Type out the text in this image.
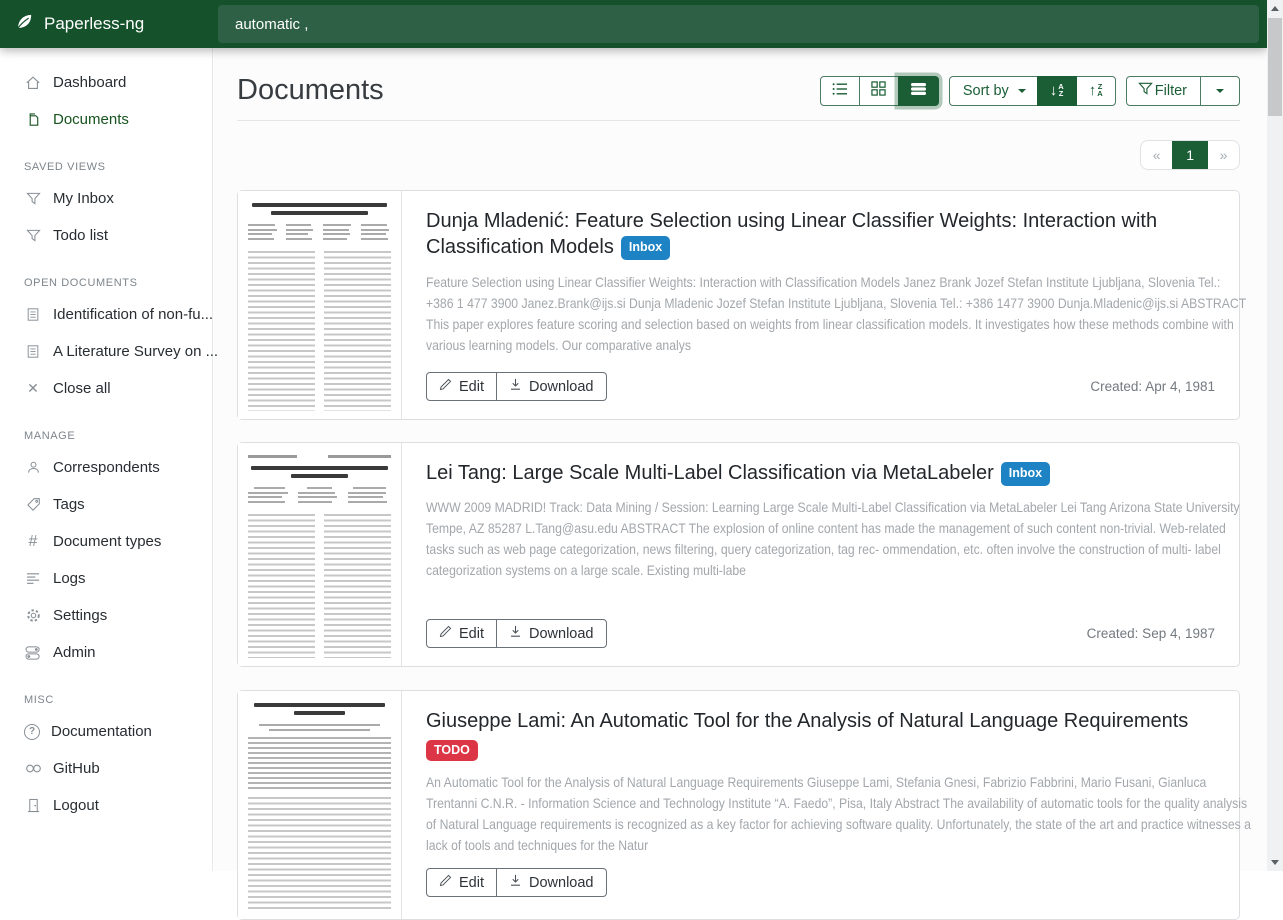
Paperless-ng
automatic ,
Dashboard
Documents
SAVED VIEWS
My Inbox
Todo list
OPEN DOCUMENTS
Identification of non-fu...
A Literature Survey on ...
✕ Close all
MANAGE
Correspondents
Tags
#	Document types
Logs
Settings
Admin
MISC
?	Documentation
GitHub
Logout
Documents	Sort by	↓ A
Z ↑ Z
A	Filter
«	1	»
Dunja Mladenić: Feature Selection using Linear Classifier Weights: Interaction with Classification Models Inbox
Feature Selection using Linear Classifier Weights: Interaction with Classification Models Janez Brank Jozef Stefan Institute Ljubljana, Slovenia Tel.: +386 1 477 3900 Janez.Brank@ijs.si Dunja Mladenic Jozef Stefan Institute Ljubljana, Slovenia Tel.: +386 1477 3900 Dunja.Mladenic@ijs.si ABSTRACT This paper explores feature scoring and selection based on weights from linear classification models. It investigates how these methods combine with various learning models. Our comparative analys
Edit	Download	Created: Apr 4, 1981
Lei Tang: Large Scale Multi-Label Classification via MetaLabeler Inbox
WWW 2009 MADRID! Track: Data Mining / Session: Learning Large Scale Multi-Label Classification via MetaLabeler Lei Tang Arizona State University Tempe, AZ 85287 L.Tang@asu.edu ABSTRACT The explosion of online content has made the management of such content non-trivial. Web-related tasks such as web page categorization, news filtering, query categorization, tag rec- ommendation, etc. often involve the construction of multi- label categorization systems on a large scale. Existing multi-labe
Edit	Download	Created: Sep 4, 1987
Giuseppe Lami: An Automatic Tool for the Analysis of Natural Language Requirements
TODO
An Automatic Tool for the Analysis of Natural Language Requirements Giuseppe Lami, Stefania Gnesi, Fabrizio Fabbrini, Mario Fusani, Gianluca Trentanni C.N.R. - Information Science and Technology Institute “A. Faedo”, Pisa, Italy Abstract The availability of automatic tools for the quality analysis of Natural Language requirements is recognized as a key factor for achieving software quality. Unfortunately, the state of the art and practice witnesses a lack of tools and techniques for the Natur
Edit	Download
